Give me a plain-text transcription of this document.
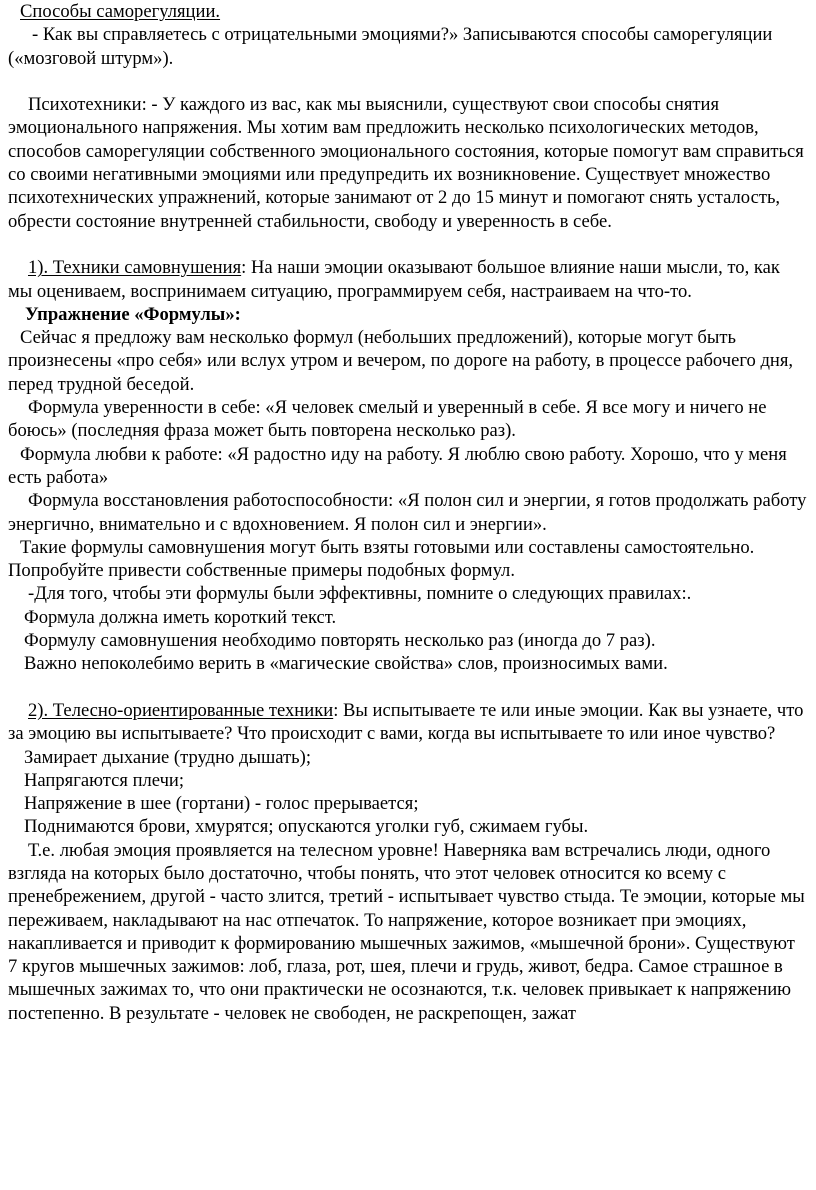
Способы саморегуляции.

- Как вы справляетесь с отрицательными эмоциями?» Записываются способы саморегуляции («мозговой штурм»).

Психотехники: - У каждого из вас, как мы выяснили, существуют свои способы снятия эмоционального напряжения. Мы хотим вам предложить несколько психологических методов, способов саморегуляции собственного эмоционального состояния, которые помогут вам справиться со своими негативными эмоциями или предупредить их возникновение. Существует множество психотехнических упражнений, которые занимают от 2 до 15 минут и помогают снять усталость, обрести состояние внутренней стабильности, свободу и уверенность в себе.

1). Техники самовнушения: На наши эмоции оказывают большое влияние наши мысли, то, как мы оцениваем, воспринимаем ситуацию, программируем себя, настраиваем на что-то.

Упражнение «Формулы»:

Сейчас я предложу вам несколько формул (небольших предложений), которые могут быть произнесены «про себя» или вслух утром и вечером, по дороге на работу, в процессе рабочего дня, перед трудной беседой.

Формула уверенности в себе: «Я человек смелый и уверенный в себе. Я все могу и ничего не боюсь» (последняя фраза может быть повторена несколько раз).

Формула любви к работе: «Я радостно иду на работу. Я люблю свою работу. Хорошо, что у меня есть работа»

Формула восстановления работоспособности: «Я полон сил и энергии, я готов продолжать работу энергично, внимательно и с вдохновением. Я полон сил и энергии».

Такие формулы самовнушения могут быть взяты готовыми или составлены самостоятельно. Попробуйте привести собственные примеры подобных формул.

-Для того, чтобы эти формулы были эффективны, помните о следующих правилах:.

Формула должна иметь короткий текст.

Формулу самовнушения необходимо повторять несколько раз (иногда до 7 раз).

Важно непоколебимо верить в «магические свойства» слов, произносимых вами.

2). Телесно-ориентированные техники: Вы испытываете те или иные эмоции. Как вы узнаете, что за эмоцию вы испытываете? Что происходит с вами, когда вы испытываете то или иное чувство?

Замирает дыхание (трудно дышать);

Напрягаются плечи;

Напряжение в шее (гортани) - голос прерывается;

Поднимаются брови, хмурятся; опускаются уголки губ, сжимаем губы.

Т.е. любая эмоция проявляется на телесном уровне! Наверняка вам встречались люди, одного взгляда на которых было достаточно, чтобы понять, что этот человек относится ко всему с пренебрежением, другой - часто злится, третий - испытывает чувство стыда. Те эмоции, которые мы переживаем, накладывают на нас отпечаток. То напряжение, которое возникает при эмоциях, накапливается и приводит к формированию мышечных зажимов, «мышечной брони». Существуют 7 кругов мышечных зажимов: лоб, глаза, рот, шея, плечи и грудь, живот, бедра. Самое страшное в мышечных зажимах то, что они практически не осознаются, т.к. человек привыкает к напряжению постепенно. В результате - человек не свободен, не раскрепощен, зажат
